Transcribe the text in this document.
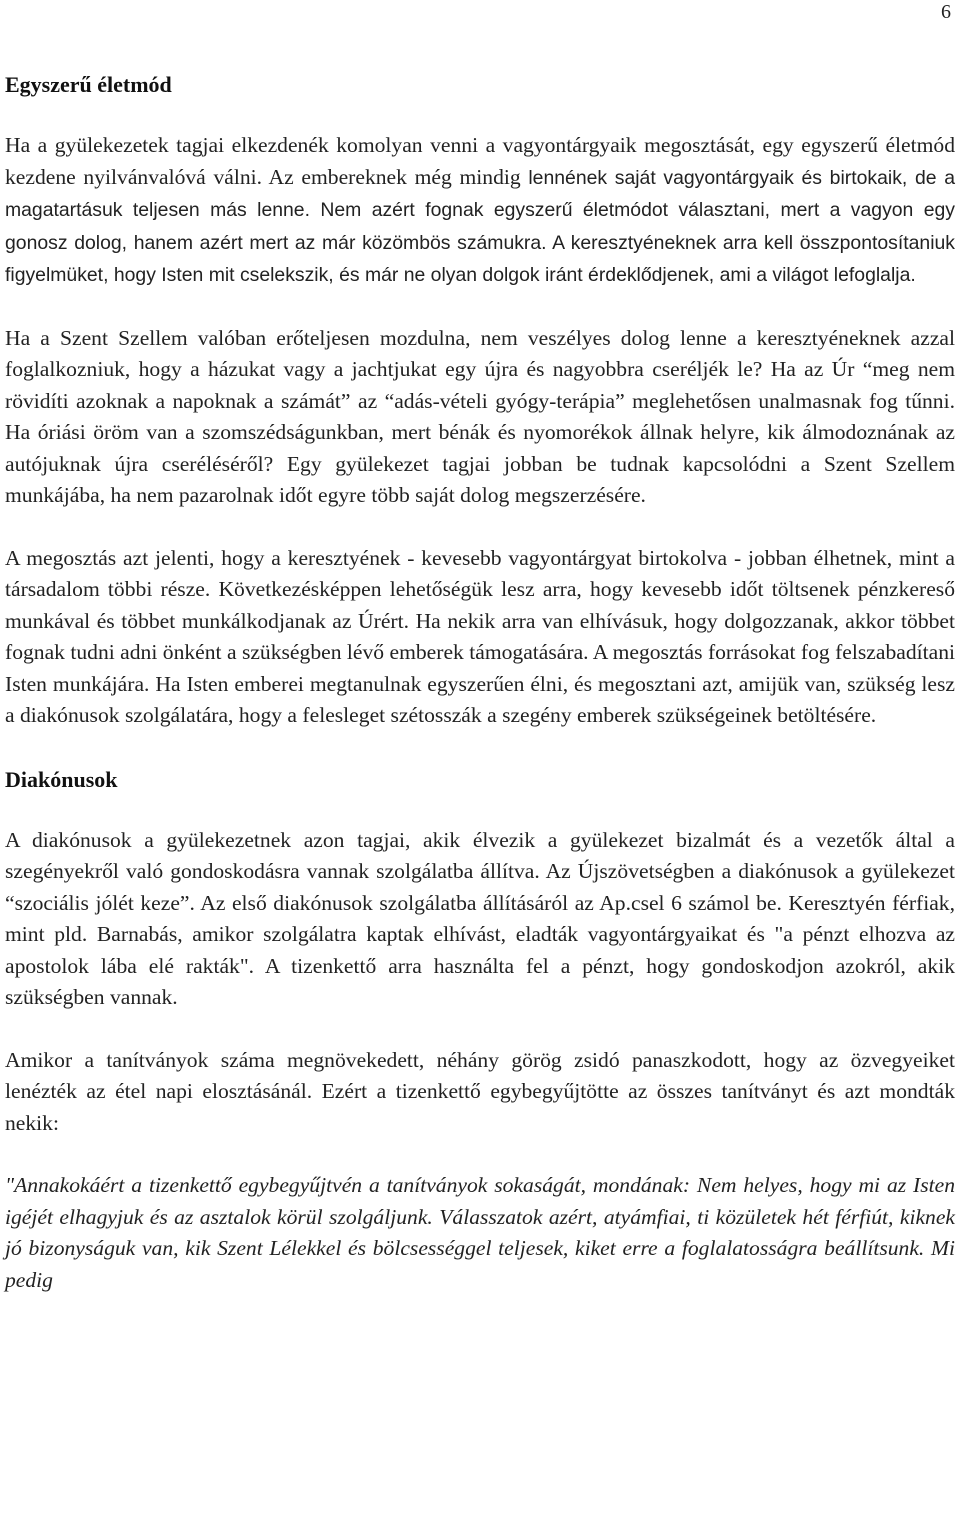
6
Egyszerű életmód

Ha a gyülekezetek tagjai elkezdenék komolyan venni a vagyontárgyaik megosztását, egy egyszerű életmód kezdene nyilvánvalóvá válni. Az embereknek még mindig lennének saját vagyontárgyaik és birtokaik, de a magatartásuk teljesen más lenne. Nem azért fognak egyszerű életmódot választani, mert a vagyon egy gonosz dolog, hanem azért mert az már közömbös számukra. A keresztyéneknek arra kell összpontosítaniuk figyelmüket, hogy Isten mit cselekszik, és már ne olyan dolgok iránt érdeklődjenek, ami a világot lefoglalja.

Ha a Szent Szellem valóban erőteljesen mozdulna, nem veszélyes dolog lenne a keresztyéneknek azzal foglalkozniuk, hogy a házukat vagy a jachtjukat egy újra és nagyobbra cseréljék le? Ha az Úr “meg nem rövidíti azoknak a napoknak a számát” az “adás-vételi gyógy-terápia” meglehetősen unalmasnak fog tűnni. Ha óriási öröm van a szomszédságunkban, mert bénák és nyomorékok állnak helyre, kik álmodoznának az autójuknak újra cseréléséről? Egy gyülekezet tagjai jobban be tudnak kapcsolódni a Szent Szellem munkájába, ha nem pazarolnak időt egyre több saját dolog megszerzésére.

A megosztás azt jelenti, hogy a keresztyének - kevesebb vagyontárgyat birtokolva - jobban élhetnek, mint a társadalom többi része. Következésképpen lehetőségük lesz arra, hogy kevesebb időt töltsenek pénzkereső munkával és többet munkálkodjanak az Úrért. Ha nekik arra van elhívásuk, hogy dolgozzanak, akkor többet fognak tudni adni önként a szükségben lévő emberek támogatására. A megosztás forrásokat fog felszabadítani Isten munkájára. Ha Isten emberei megtanulnak egyszerűen élni, és megosztani azt, amijük van, szükség lesz a diakónusok szolgálatára, hogy a felesleget szétosszák a szegény emberek szükségeinek betöltésére.

Diakónusok

A diakónusok a gyülekezetnek azon tagjai, akik élvezik a gyülekezet bizalmát és a vezetők által a szegényekről való gondoskodásra vannak szolgálatba állítva. Az Újszövetségben a diakónusok a gyülekezet “szociális jólét keze”. Az első diakónusok szolgálatba állításáról az Ap.csel 6 számol be. Keresztyén férfiak, mint pld. Barnabás, amikor szolgálatra kaptak elhívást, eladták vagyontárgyaikat és "a pénzt elhozva az apostolok lába elé rakták". A tizenkettő arra használta fel a pénzt, hogy gondoskodjon azokról, akik szükségben vannak.

Amikor a tanítványok száma megnövekedett, néhány görög zsidó panaszkodott, hogy az özvegyeiket lenézték az étel napi elosztásánál. Ezért a tizenkettő egybegyűjtötte az összes tanítványt és azt mondták nekik:

"Annakokáért a tizenkettő egybegyűjtvén a tanítványok sokaságát, mondának: Nem helyes, hogy mi az Isten igéjét elhagyjuk és az asztalok körül szolgáljunk. Válasszatok azért, atyámfiai, ti közületek hét férfiút, kiknek jó bizonyságuk van, kik Szent Lélekkel és bölcsességgel teljesek, kiket erre a foglalatosságra beállítsunk. Mi pedig
